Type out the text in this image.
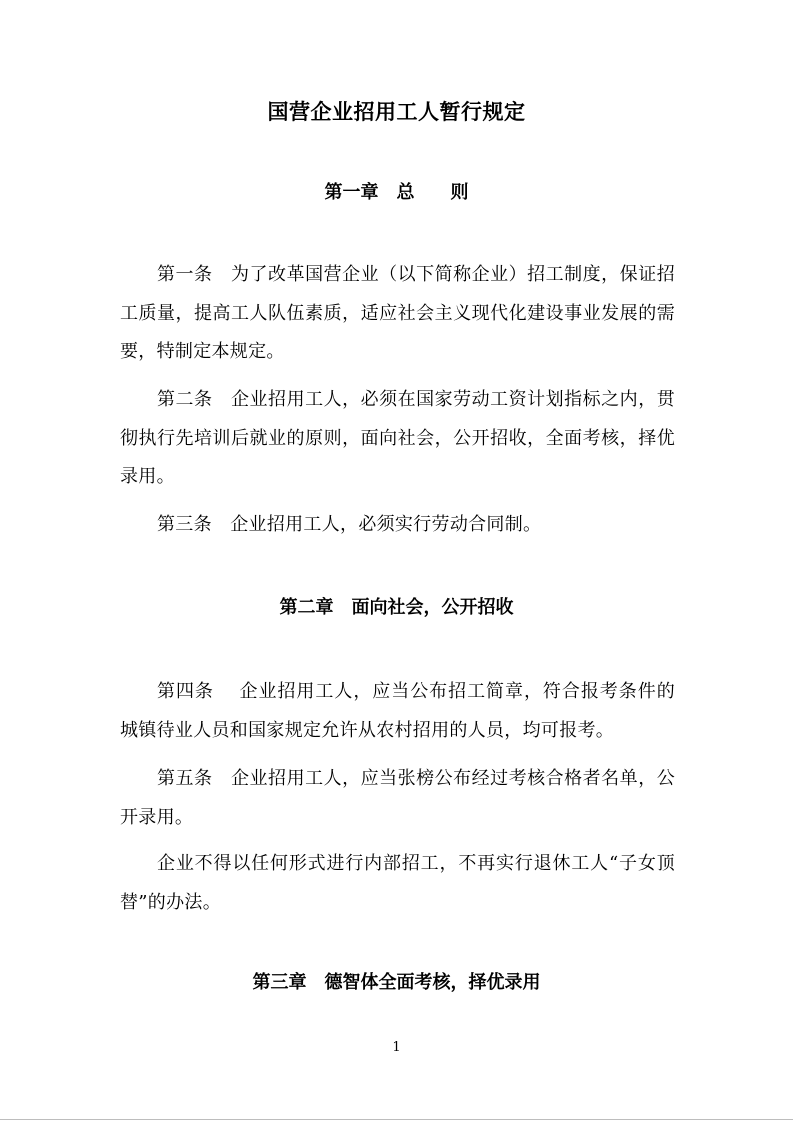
国营企业招用工人暂行规定
第一章　总　　则

第一条　 为了改革国营企业（以下简称企业）招工制度，保证招工质量，提高工人队伍素质，适应社会主义现代化建设事业发展的需要，特制定本规定。

第二条　 企业招用工人，必须在国家劳动工资计划指标之内，贯彻执行先培训后就业的原则，面向社会，公开招收，全面考核，择优录用。

第三条　 企业招用工人，必须实行劳动合同制。

第二章　面向社会，公开招收

第四条　 企业招用工人，应当公布招工简章，符合报考条件的城镇待业人员和国家规定允许从农村招用的人员，均可报考。

第五条　 企业招用工人，应当张榜公布经过考核合格者名单，公开录用。

企业不得以任何形式进行内部招工，不再实行退休工人“子女顶替”的办法。

第三章　德智体全面考核，择优录用
1
